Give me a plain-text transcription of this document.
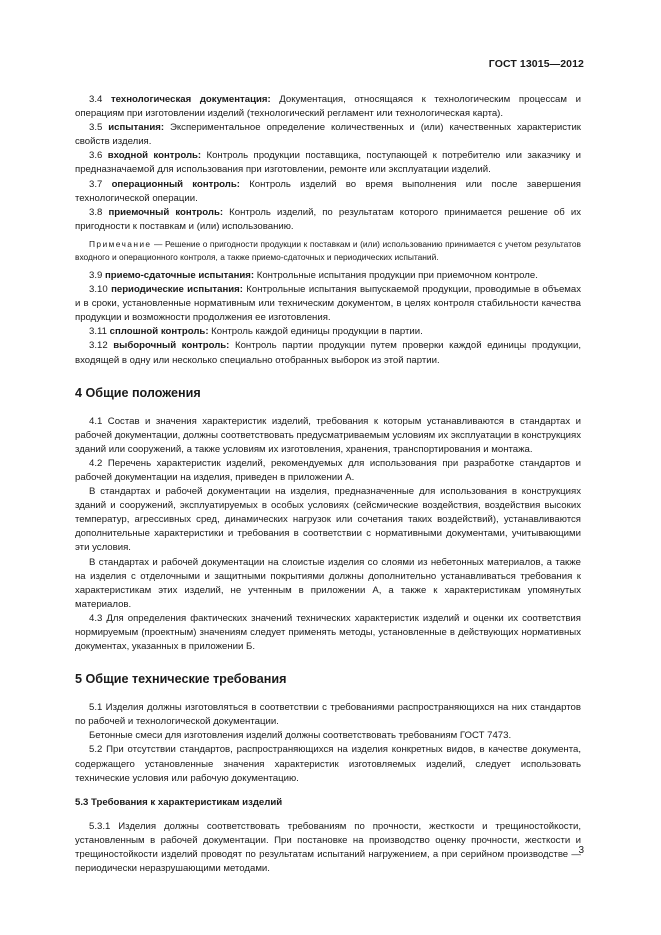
ГОСТ 13015—2012

3.4 технологическая документация: Документация, относящаяся к технологическим процессам и операциям при изготовлении изделий (технологический регламент или технологическая карта).

3.5 испытания: Экспериментальное определение количественных и (или) качественных характеристик свойств изделия.

3.6 входной контроль: Контроль продукции поставщика, поступающей к потребителю или заказчику и предназначаемой для использования при изготовлении, ремонте или эксплуатации изделий.

3.7 операционный контроль: Контроль изделий во время выполнения или после завершения технологической операции.

3.8 приемочный контроль: Контроль изделий, по результатам которого принимается решение об их пригодности к поставкам и (или) использованию.

Примечание — Решение о пригодности продукции к поставкам и (или) использованию принимается с учетом результатов входного и операционного контроля, а также приемо-сдаточных и периодических испытаний.

3.9 приемо-сдаточные испытания: Контрольные испытания продукции при приемочном контроле.

3.10 периодические испытания: Контрольные испытания выпускаемой продукции, проводимые в объемах и в сроки, установленные нормативным или техническим документом, в целях контроля стабильности качества продукции и возможности продолжения ее изготовления.

3.11 сплошной контроль: Контроль каждой единицы продукции в партии.

3.12 выборочный контроль: Контроль партии продукции путем проверки каждой единицы продукции, входящей в одну или несколько специально отобранных выборок из этой партии.

4 Общие положения

4.1 Состав и значения характеристик изделий, требования к которым устанавливаются в стандартах и рабочей документации, должны соответствовать предусматриваемым условиям их эксплуатации в конструкциях зданий или сооружений, а также условиям их изготовления, хранения, транспортирования и монтажа.

4.2 Перечень характеристик изделий, рекомендуемых для использования при разработке стандартов и рабочей документации на изделия, приведен в приложении А.

В стандартах и рабочей документации на изделия, предназначенные для использования в конструкциях зданий и сооружений, эксплуатируемых в особых условиях (сейсмические воздействия, воздействия высоких температур, агрессивных сред, динамических нагрузок или сочетания таких воздействий), устанавливаются дополнительные характеристики и требования в соответствии с нормативными документами, учитывающими эти условия.

В стандартах и рабочей документации на слоистые изделия со слоями из небетонных материалов, а также на изделия с отделочными и защитными покрытиями должны дополнительно устанавливаться требования к характеристикам этих изделий, не учтенным в приложении А, а также к характеристикам упомянутых материалов.

4.3 Для определения фактических значений технических характеристик изделий и оценки их соответствия нормируемым (проектным) значениям следует применять методы, установленные в действующих нормативных документах, указанных в приложении Б.

5 Общие технические требования

5.1 Изделия должны изготовляться в соответствии с требованиями распространяющихся на них стандартов по рабочей и технологической документации.

Бетонные смеси для изготовления изделий должны соответствовать требованиям ГОСТ 7473.

5.2 При отсутствии стандартов, распространяющихся на изделия конкретных видов, в качестве документа, содержащего установленные значения характеристик изготовляемых изделий, следует использовать технические условия или рабочую документацию.

5.3 Требования к характеристикам изделий

5.3.1 Изделия должны соответствовать требованиям по прочности, жесткости и трещиностойкости, установленным в рабочей документации. При постановке на производство оценку прочности, жесткости и трещиностойкости изделий проводят по результатам испытаний нагружением, а при серийном производстве — периодически неразрушающими методами.

3
